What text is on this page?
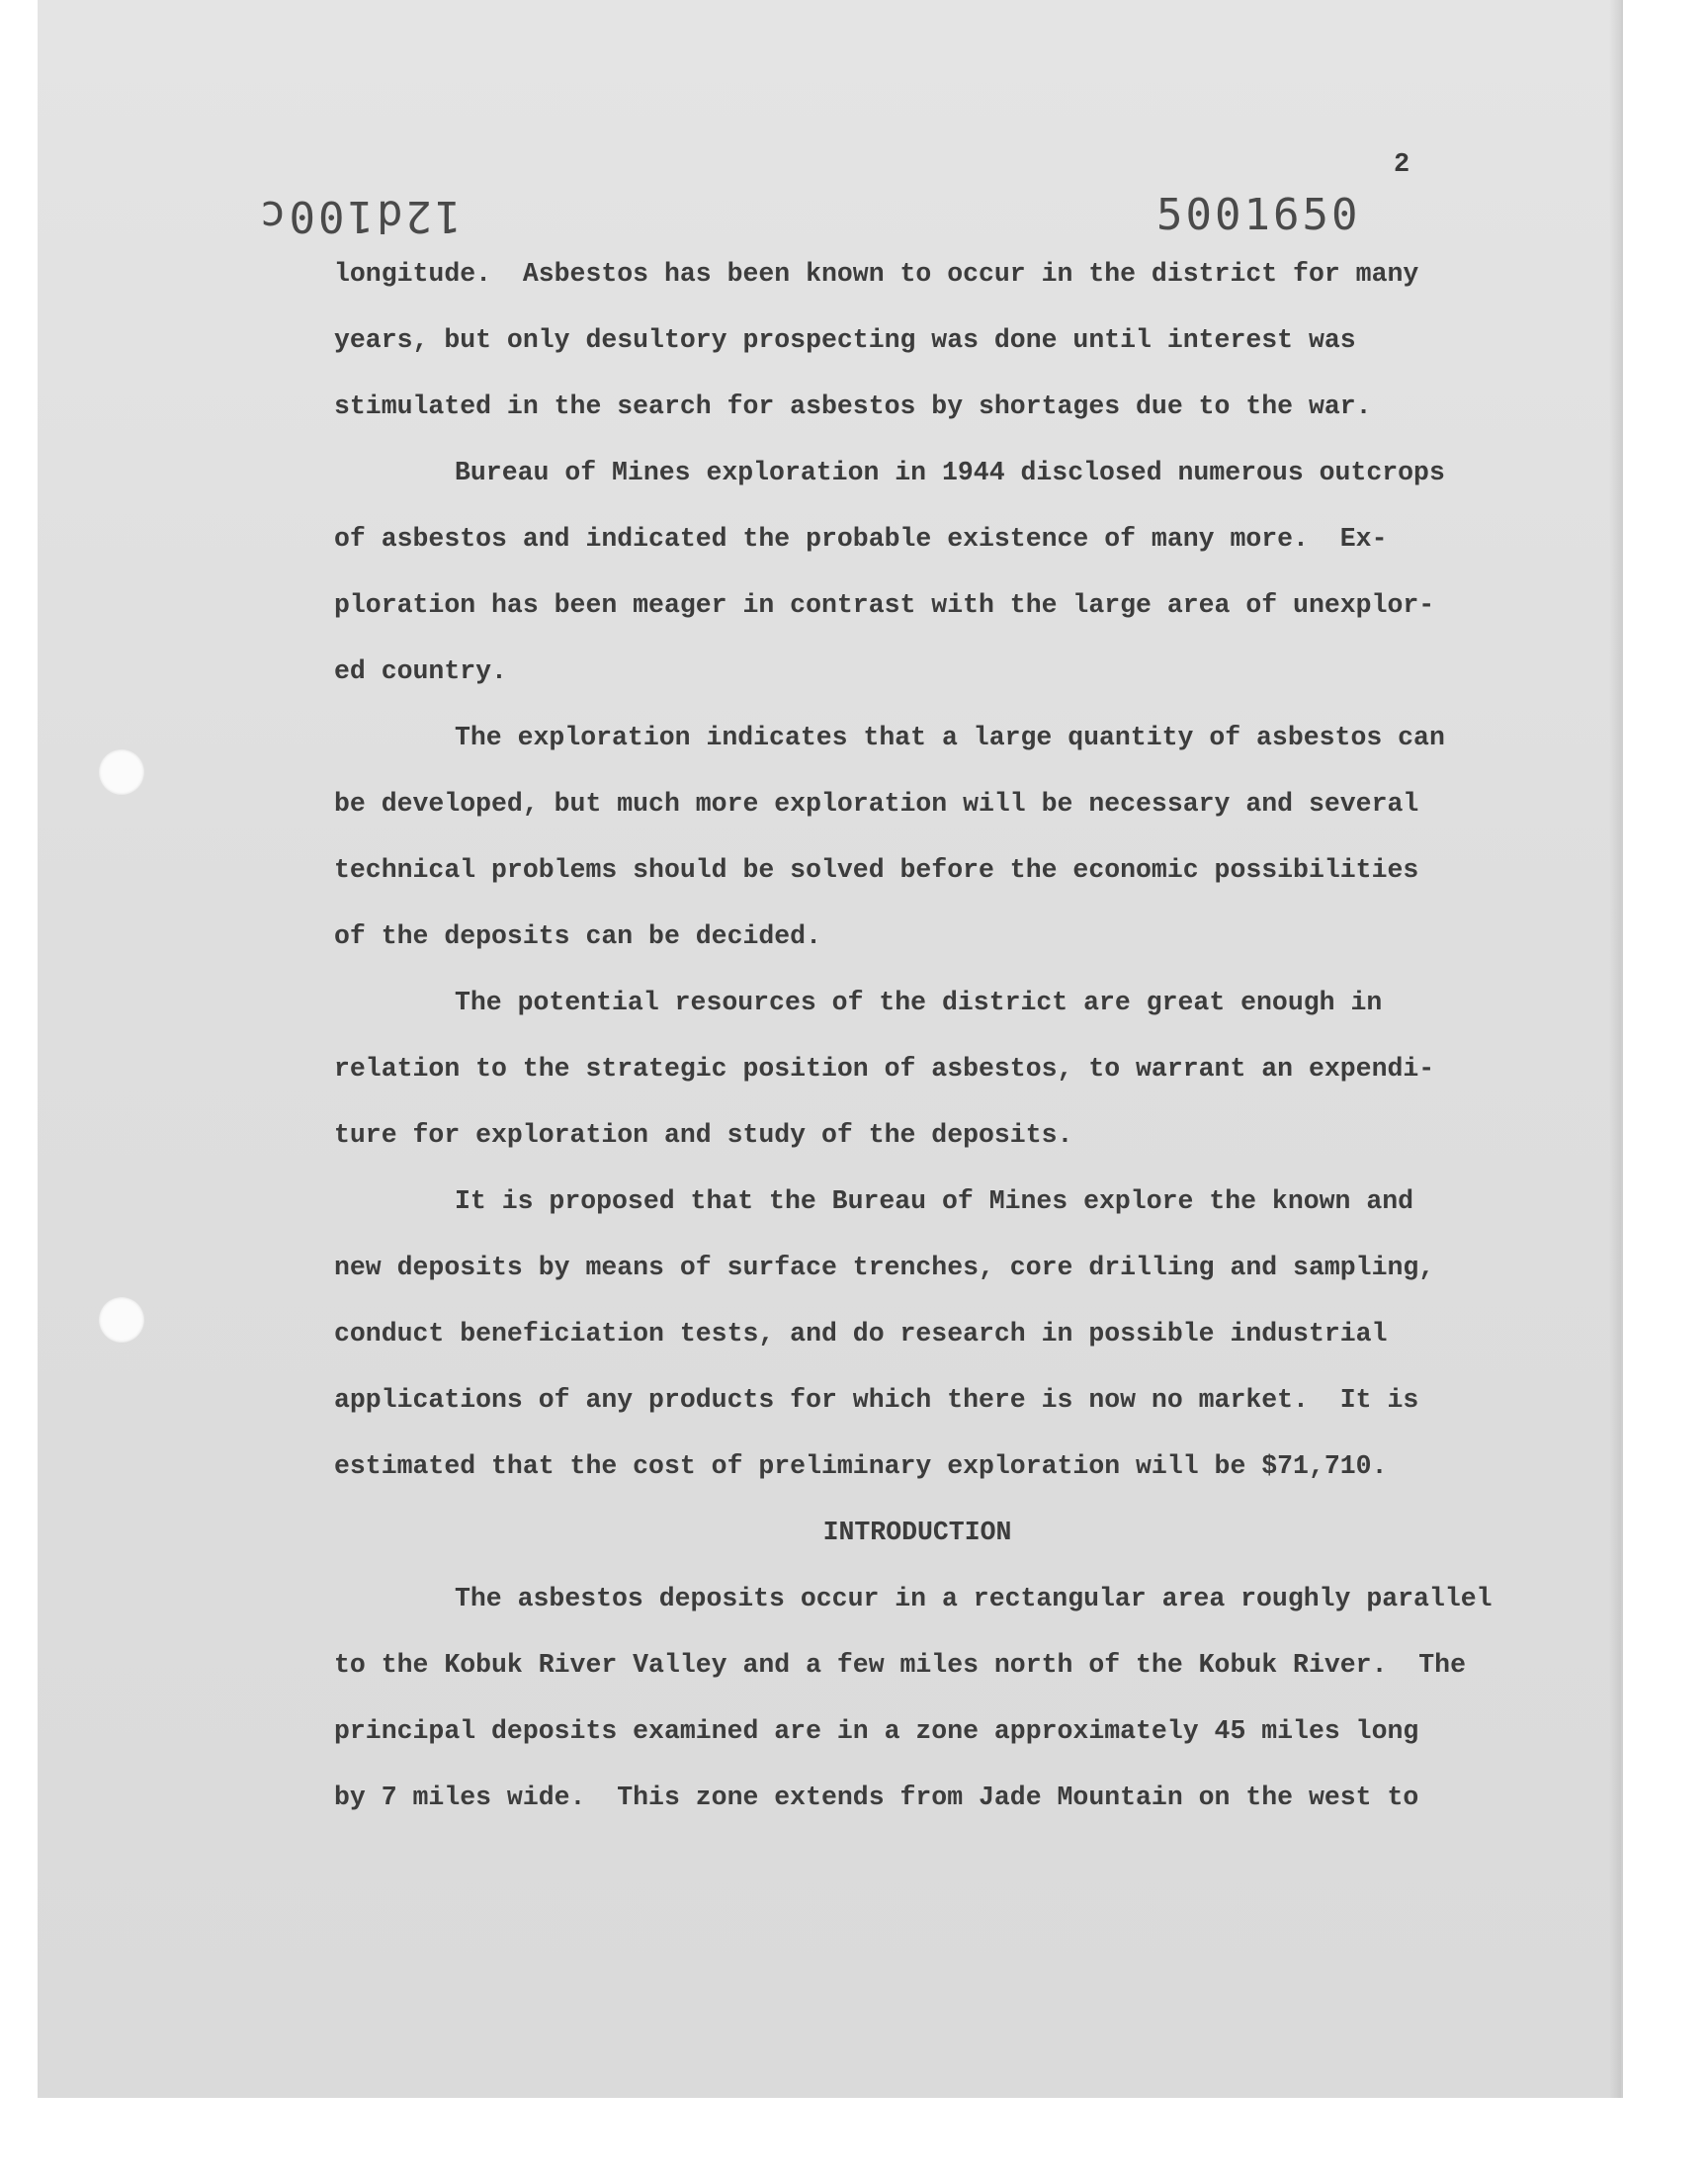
2
12d100c	5001650

longitude.  Asbestos has been known to occur in the district for many
years, but only desultory prospecting was done until interest was
stimulated in the search for asbestos by shortages due to the war.

Bureau of Mines exploration in 1944 disclosed numerous outcrops
of asbestos and indicated the probable existence of many more.  Ex-
ploration has been meager in contrast with the large area of unexplor-
ed country.

The exploration indicates that a large quantity of asbestos can
be developed, but much more exploration will be necessary and several
technical problems should be solved before the economic possibilities
of the deposits can be decided.

The potential resources of the district are great enough in
relation to the strategic position of asbestos, to warrant an expendi-
ture for exploration and study of the deposits.

It is proposed that the Bureau of Mines explore the known and
new deposits by means of surface trenches, core drilling and sampling,
conduct beneficiation tests, and do research in possible industrial
applications of any products for which there is now no market.  It is
estimated that the cost of preliminary exploration will be $71,710.

INTRODUCTION

The asbestos deposits occur in a rectangular area roughly parallel
to the Kobuk River Valley and a few miles north of the Kobuk River.  The
principal deposits examined are in a zone approximately 45 miles long
by 7 miles wide.  This zone extends from Jade Mountain on the west to
